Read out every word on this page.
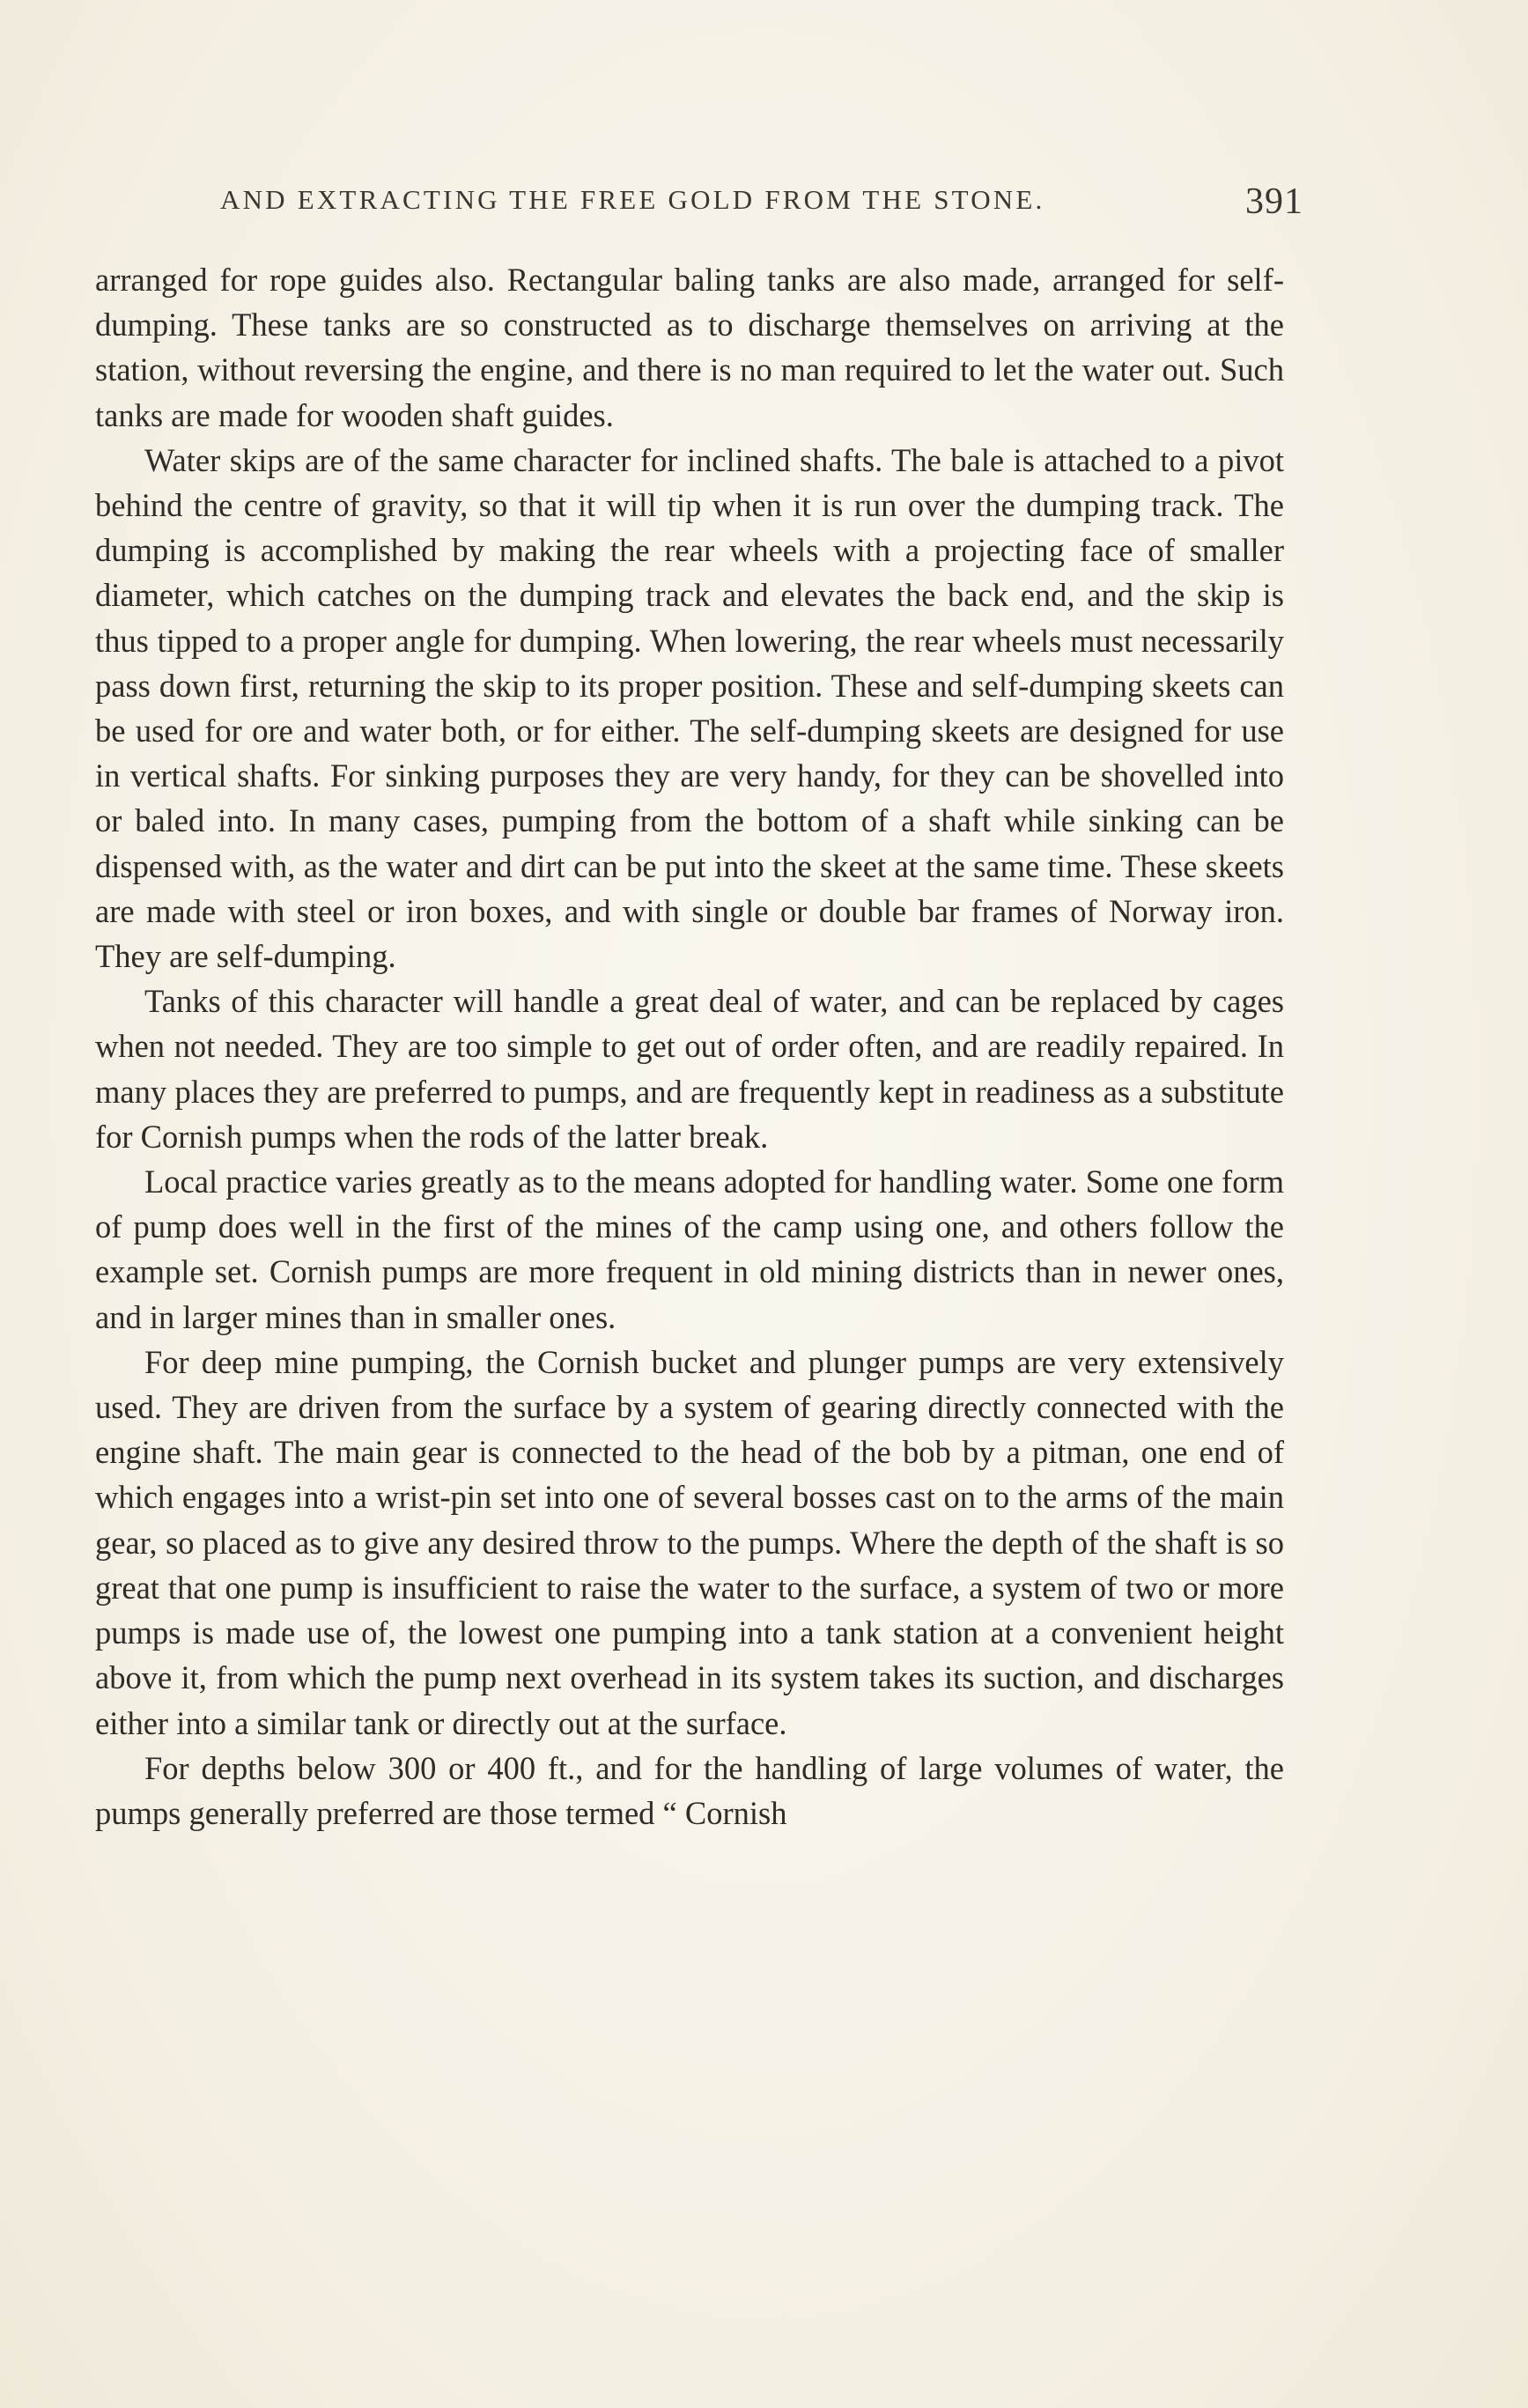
AND EXTRACTING THE FREE GOLD FROM THE STONE.	391

arranged for rope guides also. Rectangular baling tanks are also made, arranged for self-dumping. These tanks are so constructed as to discharge themselves on arriving at the station, without reversing the engine, and there is no man required to let the water out. Such tanks are made for wooden shaft guides.

Water skips are of the same character for inclined shafts. The bale is attached to a pivot behind the centre of gravity, so that it will tip when it is run over the dumping track. The dumping is accomplished by making the rear wheels with a projecting face of smaller diameter, which catches on the dumping track and elevates the back end, and the skip is thus tipped to a proper angle for dumping. When lowering, the rear wheels must necessarily pass down first, returning the skip to its proper position. These and self-dumping skeets can be used for ore and water both, or for either. The self-dumping skeets are designed for use in vertical shafts. For sinking purposes they are very handy, for they can be shovelled into or baled into. In many cases, pumping from the bottom of a shaft while sinking can be dispensed with, as the water and dirt can be put into the skeet at the same time. These skeets are made with steel or iron boxes, and with single or double bar frames of Norway iron. They are self-dumping.

Tanks of this character will handle a great deal of water, and can be replaced by cages when not needed. They are too simple to get out of order often, and are readily repaired. In many places they are preferred to pumps, and are frequently kept in readiness as a substitute for Cornish pumps when the rods of the latter break.

Local practice varies greatly as to the means adopted for handling water. Some one form of pump does well in the first of the mines of the camp using one, and others follow the example set. Cornish pumps are more frequent in old mining districts than in newer ones, and in larger mines than in smaller ones.

For deep mine pumping, the Cornish bucket and plunger pumps are very extensively used. They are driven from the surface by a system of gearing directly connected with the engine shaft. The main gear is connected to the head of the bob by a pitman, one end of which engages into a wrist-pin set into one of several bosses cast on to the arms of the main gear, so placed as to give any desired throw to the pumps. Where the depth of the shaft is so great that one pump is insufficient to raise the water to the surface, a system of two or more pumps is made use of, the lowest one pumping into a tank station at a convenient height above it, from which the pump next overhead in its system takes its suction, and discharges either into a similar tank or directly out at the surface.

For depths below 300 or 400 ft., and for the handling of large volumes of water, the pumps generally preferred are those termed “ Cornish
